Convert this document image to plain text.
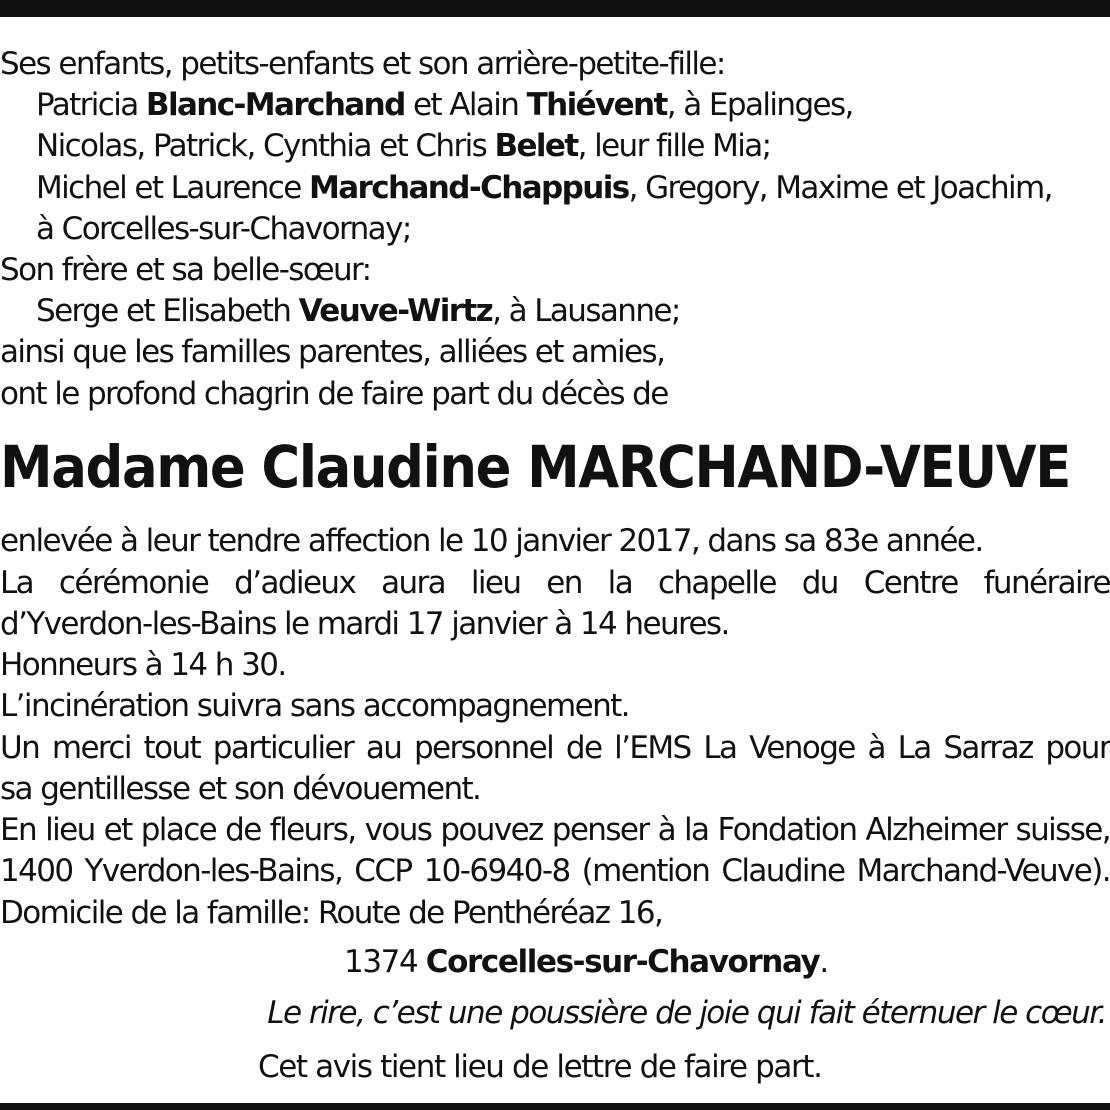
Ses enfants, petits-enfants et son arrière-petite-fille:
Patricia Blanc-Marchand et Alain Thiévent, à Epalinges,
Nicolas, Patrick, Cynthia et Chris Belet, leur fille Mia;
Michel et Laurence Marchand-Chappuis, Gregory, Maxime et Joachim,
à Corcelles-sur-Chavornay;
Son frère et sa belle-sœur:
Serge et Elisabeth Veuve-Wirtz, à Lausanne;
ainsi que les familles parentes, alliées et amies,
ont le profond chagrin de faire part du décès de
Madame Claudine MARCHAND-VEUVE
enlevée à leur tendre affection le 10 janvier 2017, dans sa 83e année.
La cérémonie d’adieux aura lieu en la chapelle du Centre funéraire
d’Yverdon-les-Bains le mardi 17 janvier à 14 heures.
Honneurs à 14 h 30.
L’incinération suivra sans accompagnement.
Un merci tout particulier au personnel de l’EMS La Venoge à La Sarraz pour
sa gentillesse et son dévouement.
En lieu et place de fleurs, vous pouvez penser à la Fondation Alzheimer suisse,
1400 Yverdon-les-Bains, CCP 10-6940-8 (mention Claudine Marchand-Veuve).
Domicile de la famille: Route de Penthéréaz 16,
1374 Corcelles-sur-Chavornay.
Le rire, c’est une poussière de joie qui fait éternuer le cœur.
Cet avis tient lieu de lettre de faire part.
